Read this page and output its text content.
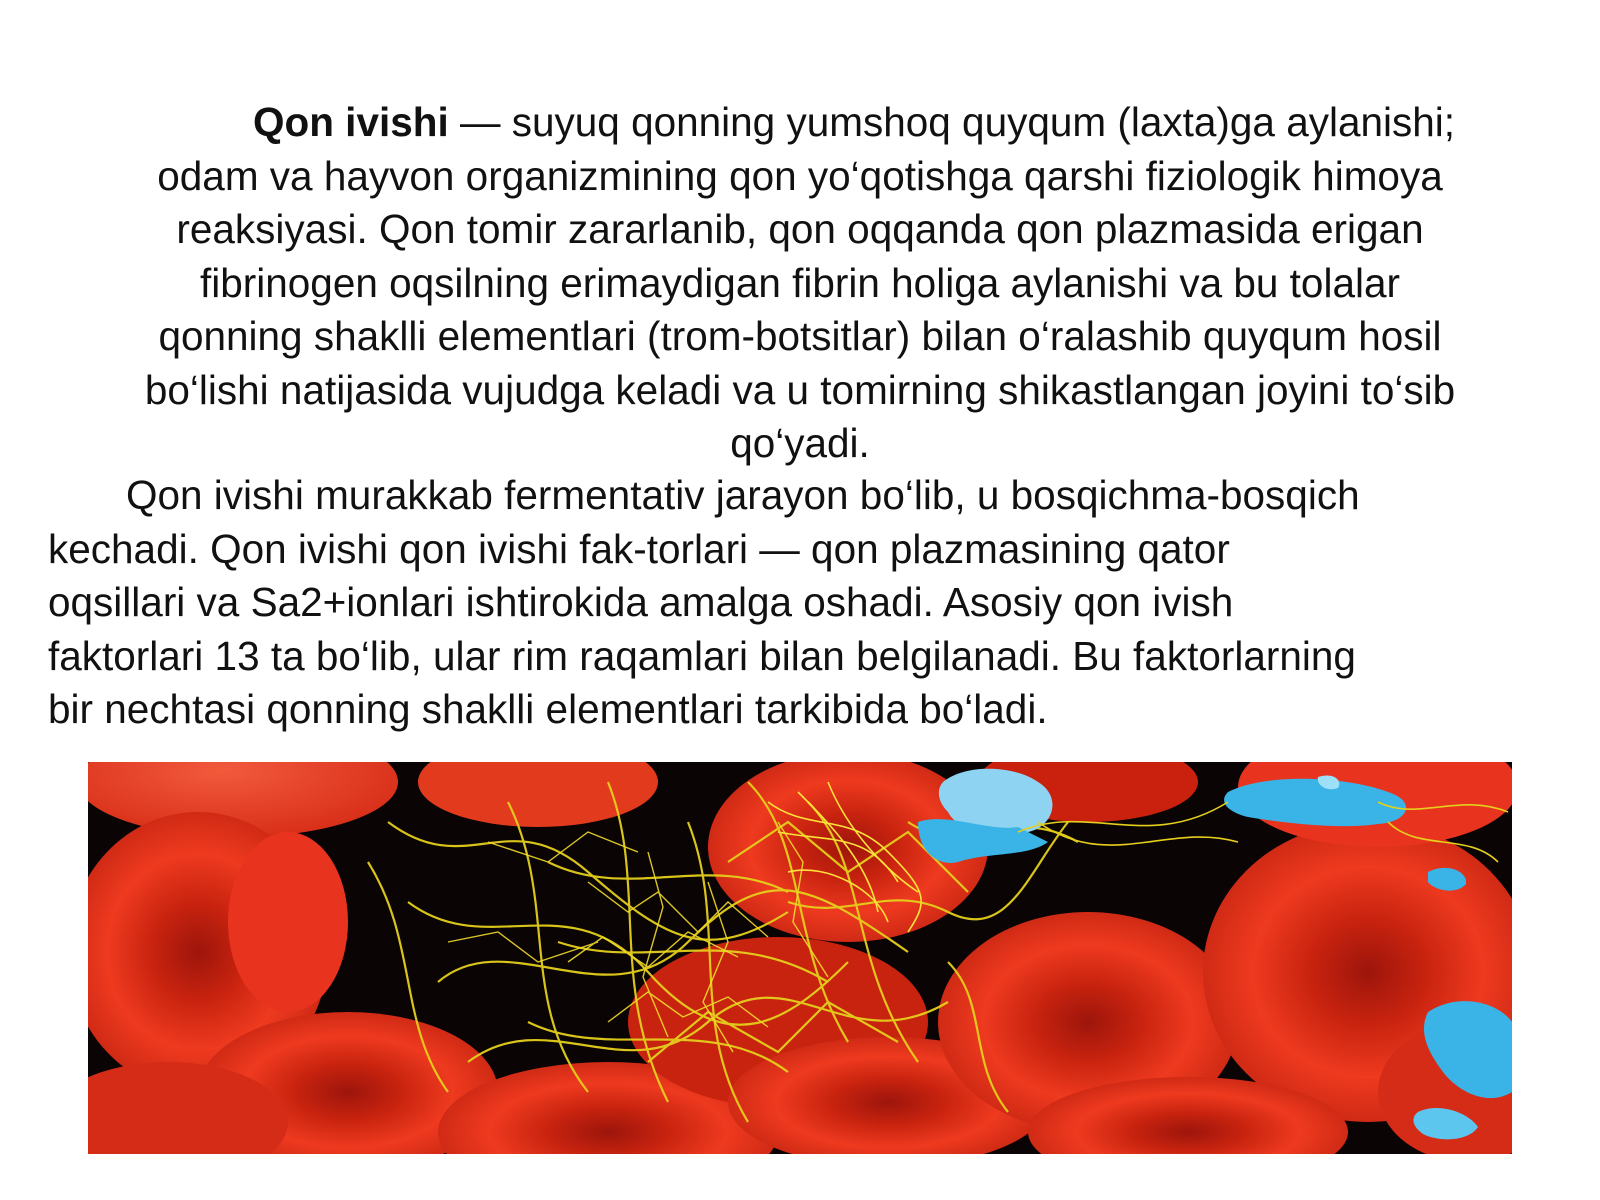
Qon ivishi — suyuq qonning yumshoq quyqum (laxta)ga aylanishi;
odam va hayvon organizmining qon yo‘qotishga qarshi fiziologik himoya
reaksiyasi. Qon tomir zararlanib, qon oqqanda qon plazmasida erigan
fibrinogen oqsilning erimaydigan fibrin holiga aylanishi va bu tolalar
qonning shaklli elementlari (trom-botsitlar) bilan o‘ralashib quyqum hosil
bo‘lishi natijasida vujudga keladi va u tomirning shikastlangan joyini to‘sib
qo‘yadi.

Qon ivishi murakkab fermentativ jarayon bo‘lib, u bosqichma-bosqich
kechadi. Qon ivishi qon ivishi fak-torlari — qon plazmasining qator
oqsillari va Sa2+ionlari ishtirokida amalga oshadi. Asosiy qon ivish
faktorlari 13 ta bo‘lib, ular rim raqamlari bilan belgilanadi. Bu faktorlarning
bir nechtasi qonning shaklli elementlari tarkibida bo‘ladi.
